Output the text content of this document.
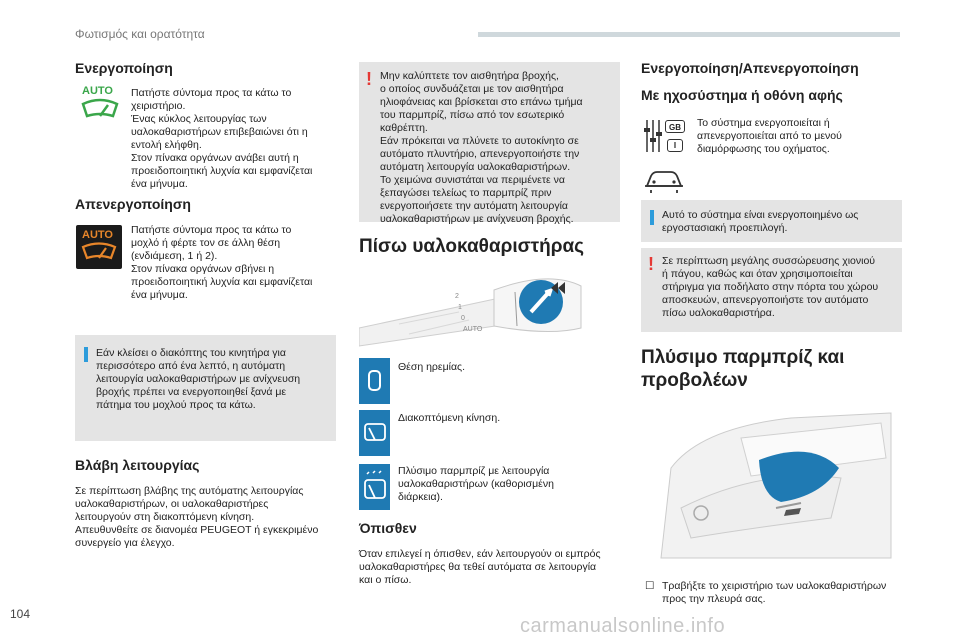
Φωτισμός και ορατότητα
Ενεργοποίηση
AUTO Πατήστε σύντομα προς τα κάτω το
χειριστήριο.
Ένας κύκλος λειτουργίας των
υαλοκαθαριστήρων επιβεβαιώνει ότι η
εντολή ελήφθη.
Στον πίνακα οργάνων ανάβει αυτή η
προειδοποιητική λυχνία και εμφανίζεται
ένα μήνυμα.
Απενεργοποίηση
AUTO Πατήστε σύντομα προς τα κάτω το
μοχλό ή φέρτε τον σε άλλη θέση
(ενδιάμεση, 1 ή 2).
Στον πίνακα οργάνων σβήνει η
προειδοποιητική λυχνία και εμφανίζεται
ένα μήνυμα.
Εάν κλείσει ο διακόπτης του κινητήρα για
περισσότερο από ένα λεπτό, η αυτόματη
λειτουργία υαλοκαθαριστήρων με ανίχνευση
βροχής πρέπει να ενεργοποιηθεί ξανά με
πάτημα του μοχλού προς τα κάτω.
Βλάβη λειτουργίας
Σε περίπτωση βλάβης της αυτόματης λειτουργίας
υαλοκαθαριστήρων, οι υαλοκαθαριστήρες
λειτουργούν στη διακοπτόμενη κίνηση.
Απευθυνθείτε σε διανομέα PEUGEOT ή εγκεκριμένο
συνεργείο για έλεγχο.
! Μην καλύπτετε τον αισθητήρα βροχής,
ο οποίος συνδυάζεται με τον αισθητήρα
ηλιοφάνειας και βρίσκεται στο επάνω τμήμα
του παρμπρίζ, πίσω από τον εσωτερικό
καθρέπτη.
Εάν πρόκειται να πλύνετε το αυτοκίνητο σε
αυτόματο πλυντήριο, απενεργοποιήστε την
αυτόματη λειτουργία υαλοκαθαριστήρων.
Το χειμώνα συνιστάται να περιμένετε να
ξεπαγώσει τελείως το παρμπρίζ πριν
ενεργοποιήσετε την αυτόματη λειτουργία
υαλοκαθαριστήρων με ανίχνευση βροχής.
Πίσω υαλοκαθαριστήρας
2
1
0
AUTO
Θέση ηρεμίας.
Διακοπτόμενη κίνηση.
Πλύσιμο παρμπρίζ με λειτουργία
υαλοκαθαριστήρων (καθορισμένη
διάρκεια).
Όπισθεν
Όταν επιλεγεί η όπισθεν, εάν λειτουργούν οι εμπρός
υαλοκαθαριστήρες θα τεθεί αυτόματα σε λειτουργία
και ο πίσω.
Ενεργοποίηση/Απενεργοποίηση
Με ηχοσύστημα ή οθόνη αφής
GB
I
Το σύστημα ενεργοποιείται ή
απενεργοποιείται από το μενού
διαμόρφωσης του οχήματος.
Αυτό το σύστημα είναι ενεργοποιημένο ως
εργοστασιακή προεπιλογή.
! Σε περίπτωση μεγάλης συσσώρευσης χιονιού
ή πάγου, καθώς και όταν χρησιμοποιείται
στήριγμα για ποδήλατο στην πόρτα του χώρου
αποσκευών, απενεργοποιήστε τον αυτόματο
πίσω υαλοκαθαριστήρα.
Πλύσιμο παρμπρίζ και
προβολέων
☐ Τραβήξτε το χειριστήριο των υαλοκαθαριστήρων
προς την πλευρά σας.
104
carmanualsonline.info
